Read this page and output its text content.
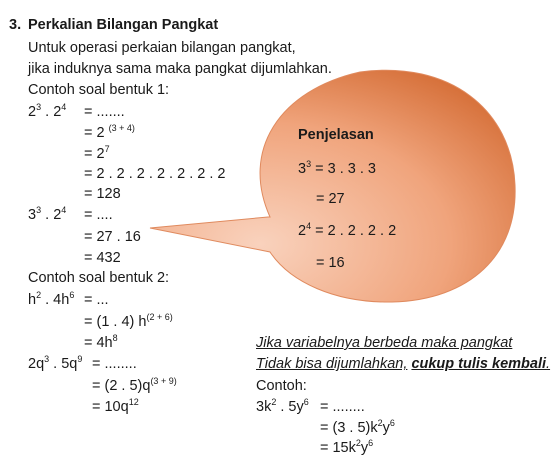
3. Perkalian Bilangan Pangkat
Untuk operasi perkaian bilangan pangkat,
jika induknya sama maka pangkat dijumlahkan.
Contoh soal bentuk 1:
$2^3$ . $2^4$ = .......
= 2 $^{(3 + 4)}$
= $2^7$
= 2 . 2 . 2 . 2 . 2 . 2 . 2
= 128
$3^3$ . $2^4$ = ....
= 27 . 16
= 432
Contoh soal bentuk 2:
$h^2$ . $4h^6$ = ...
= (1 . 4) $h^{(2 + 6)}$
= $4h^8$
$2q^3$ . $5q^9$ = ........
= (2 . $5)q^{(3 + 9)}$
= $10q^{12}$
Penjelasan
$3^3 = 3$ . 3 . 3
= 27
$2^4 = 2$ . 2 . 2 . 2
= 16
Jika variabelnya berbeda maka pangkat
Tidak bisa dijumlahkan, cukup tulis kembali.
Contoh:
$3k^2$ . $5y^6$ = ........
= (3 . $5)k^2y^6$
= $15k^2y^6$
